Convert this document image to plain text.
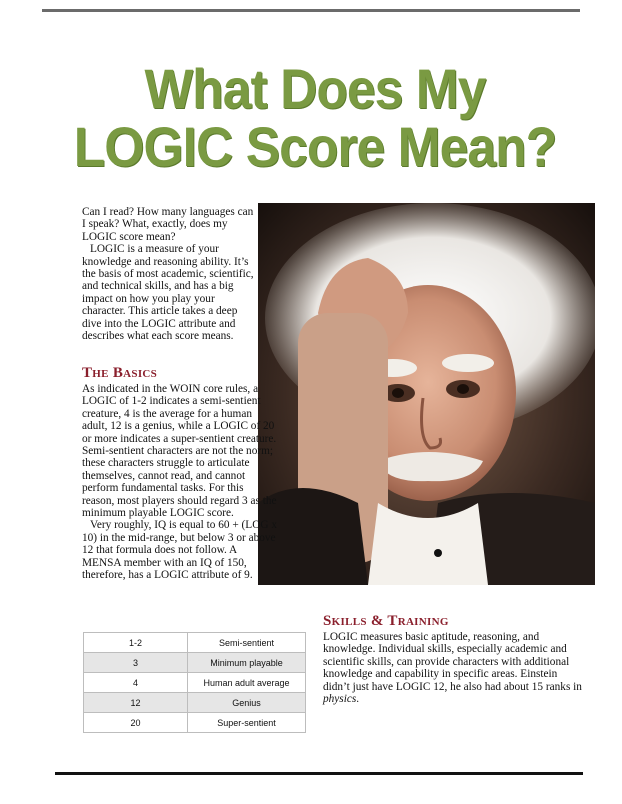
What Does My
LOGIC Score Mean?

Can I read? How many languages can I speak? What, exactly, does my LOGIC score mean?

LOGIC is a measure of your knowledge and reasoning ability. It’s the basis of most academic, scientific, and technical skills, and has a big impact on how you play your character. This article takes a deep dive into the LOGIC attribute and describes what each score means.

The Basics

As indicated in the WOIN core rules, a LOGIC of 1-2 indicates a semi-sentient creature, 4 is the average for a human adult, 12 is a genius, while a LOGIC of 20 or more indicates a super-sentient creature. Semi-sentient characters are not the norm; these characters struggle to articulate themselves, cannot read, and cannot perform fundamental tasks. For this reason, most players should regard 3 as the minimum playable LOGIC score.

Very roughly, IQ is equal to 60 + (LOG x 10) in the mid-range, but below 3 or above 12 that formula does not follow. A MENSA member with an IQ of 150, therefore, has a LOGIC attribute of 9.

1-2	Semi-sentient
3	Minimum playable
4	Human adult average
12	Genius
20	Super-sentient
Skills & Training

LOGIC measures basic aptitude, reasoning, and knowledge. Individual skills, especially academic and scientific skills, can provide characters with additional knowledge and capability in specific areas. Einstein didn’t just have LOGIC 12, he also had about 15 ranks in physics.
